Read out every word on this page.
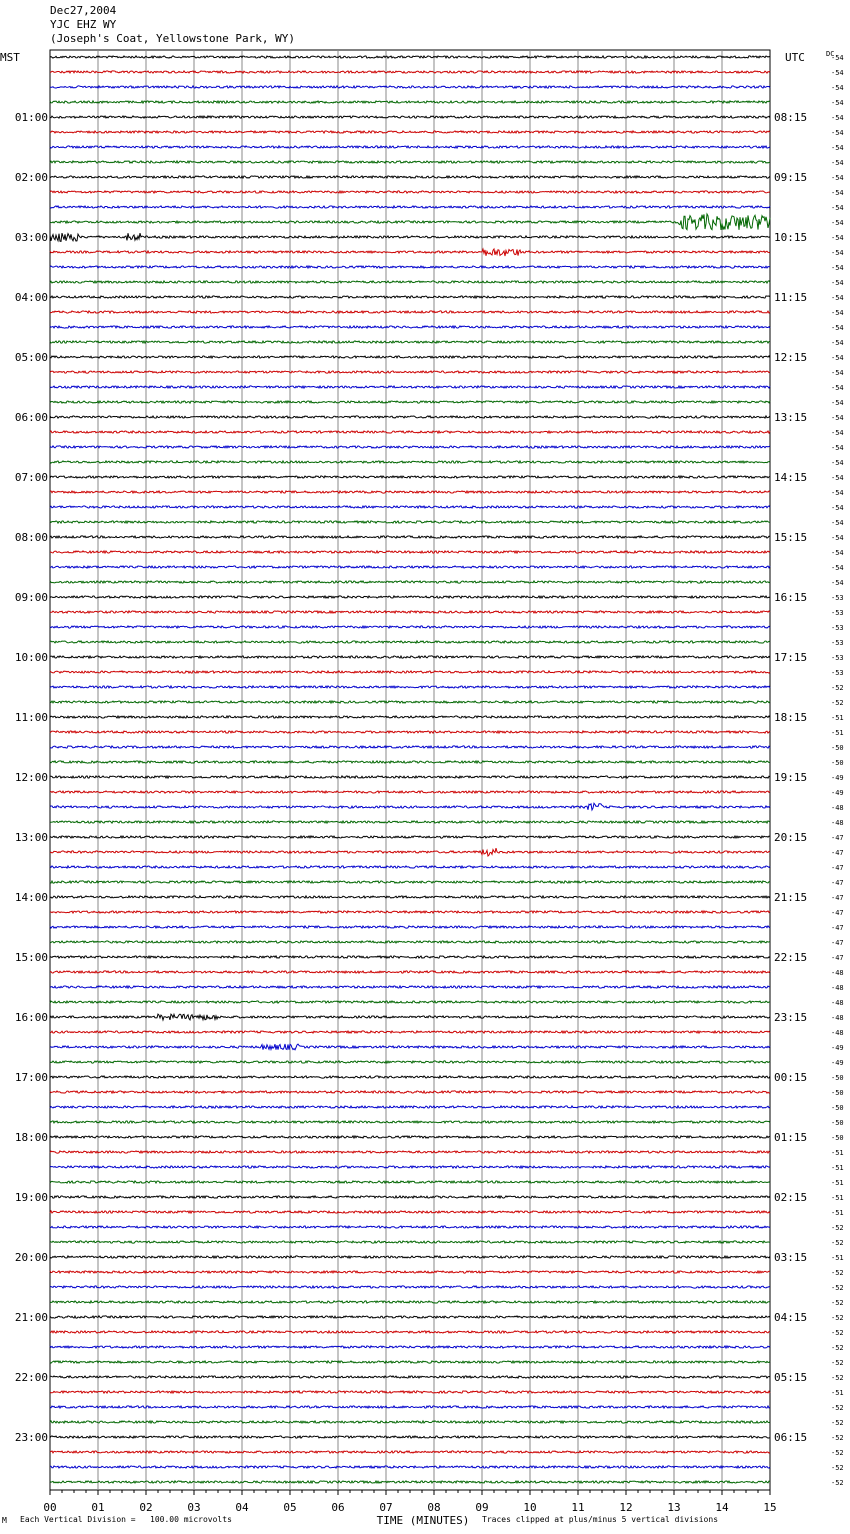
Dec27,2004
YJC EHZ WY
(Joseph's Coat, Yellowstone Park, WY)
-54
-54
-54
-54
-54
01:00	08:15
-54
-54
-54
-54
02:00	09:15
-54
-54
-54
-54
03:00	10:15
-54
-54
-54
-54
04:00	11:15
-54
-54
-54
-54
05:00	12:15
-54
-54
-54
-54
06:00	13:15
-54
-54
-54
-54
07:00	14:15
-54
-54
-54
-54
08:00	15:15
-54
-54
-54
-53
09:00	16:15
-53
-53
-53
-53
10:00	17:15
-53
-52
-52
-51
11:00	18:15
-51
-50
-50
-49
12:00	19:15
-49
-48
-48
-47
13:00	20:15
-47
-47
-47
-47
14:00	21:15
-47
-47
-47
-47
15:00	22:15
-48
-48
-48
-48
16:00	23:15
-48
-49
-49
-50
17:00	00:15
-50
-50
-50
-50
18:00	01:15
-51
-51
-51
-51
19:00	02:15
-51
-52
-52
-51
20:00	03:15
-52
-52
-52
-52
21:00	04:15
-52
-52
-52
-52
22:00	05:15
-51
-52
-52
-52
23:00	06:15
-52
-52
-52
MST	UTC	DC
00	01	02	03	04	05	06	07	08	09	10	11	12	13	14	15
TIME (MINUTES)
M Each Vertical Division = 100.00 microvolts	Traces clipped at plus/minus 5 vertical divisions
